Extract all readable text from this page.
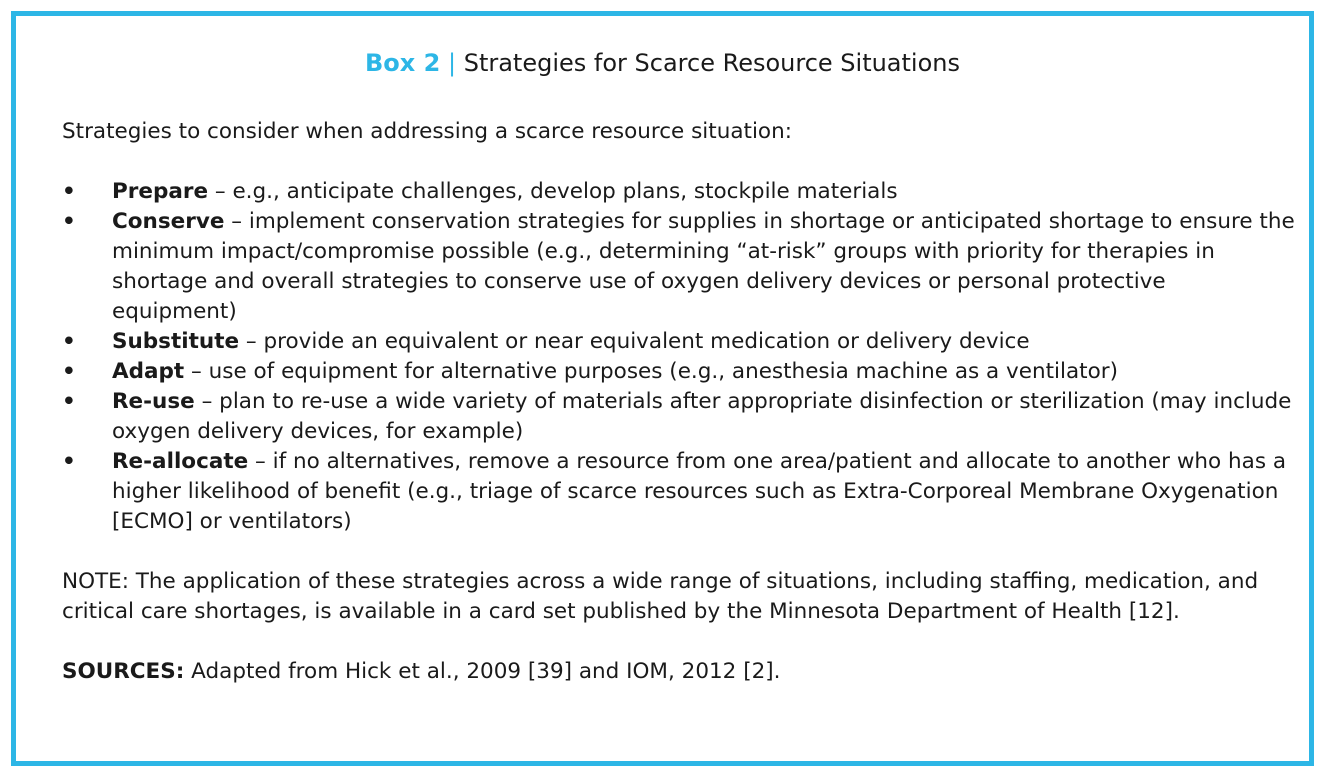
Box 2 | Strategies for Scarce Resource Situations

Strategies to consider when addressing a scarce resource situation:

• Prepare – e.g., anticipate challenges, develop plans, stockpile materials
• Conserve – implement conservation strategies for supplies in shortage or anticipated shortage to ensure the minimum impact/compromise possible (e.g., determining “at-risk” groups with priority for therapies in shortage and overall strategies to conserve use of oxygen delivery devices or personal protective equipment)
• Substitute – provide an equivalent or near equivalent medication or delivery device
• Adapt – use of equipment for alternative purposes (e.g., anesthesia machine as a ventilator)
• Re-use – plan to re-use a wide variety of materials after appropriate disinfection or sterilization (may include oxygen delivery devices, for example)
• Re-allocate – if no alternatives, remove a resource from one area/patient and allocate to another who has a higher likelihood of benefit (e.g., triage of scarce resources such as Extra-Corporeal Membrane Oxygenation [ECMO] or ventilators)

NOTE: The application of these strategies across a wide range of situations, including staffing, medication, and critical care shortages, is available in a card set published by the Minnesota Department of Health [12].

SOURCES: Adapted from Hick et al., 2009 [39] and IOM, 2012 [2].
